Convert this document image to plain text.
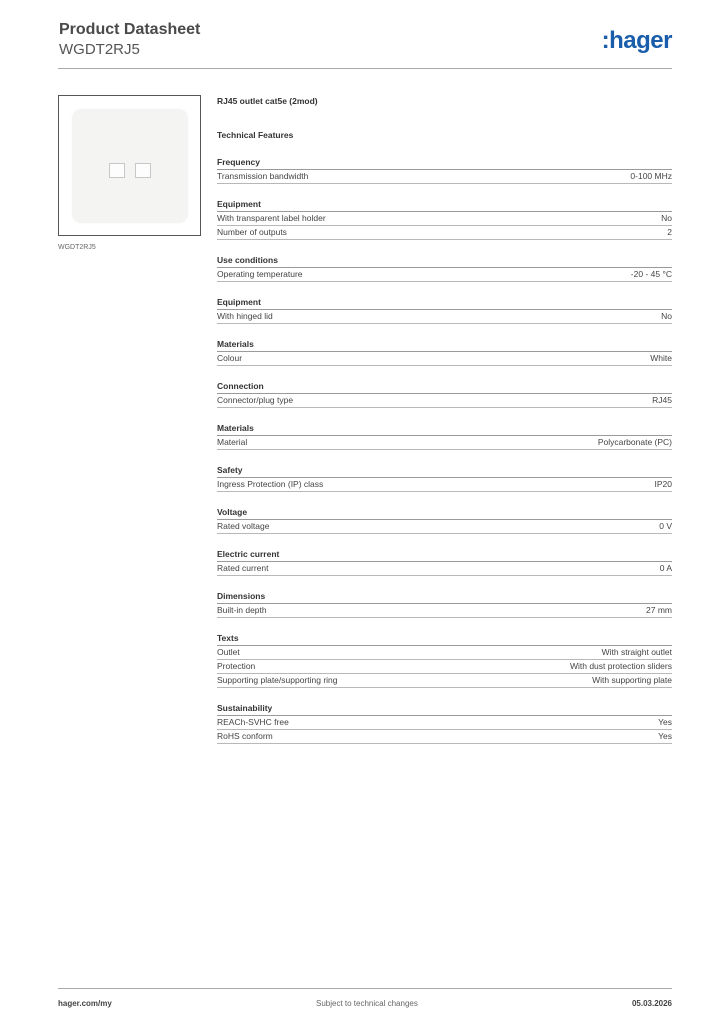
Product Datasheet
WGDT2RJ5	:hager
WGDT2RJ5
RJ45 outlet cat5e (2mod)
Technical Features
Frequency
Transmission bandwidth	0-100 MHz
Equipment
With transparent label holder	No
Number of outputs	2
Use conditions
Operating temperature	-20 - 45 °C
Equipment
With hinged lid	No
Materials
Colour	White
Connection
Connector/plug type	RJ45
Materials
Material	Polycarbonate (PC)
Safety
Ingress Protection (IP) class	IP20
Voltage
Rated voltage	0 V
Electric current
Rated current	0 A
Dimensions
Built-in depth	27 mm
Texts
Outlet	With straight outlet
Protection	With dust protection sliders
Supporting plate/supporting ring	With supporting plate
Sustainability
REACh-SVHC free	Yes
RoHS conform	Yes
hager.com/my	Subject to technical changes	05.03.2026
